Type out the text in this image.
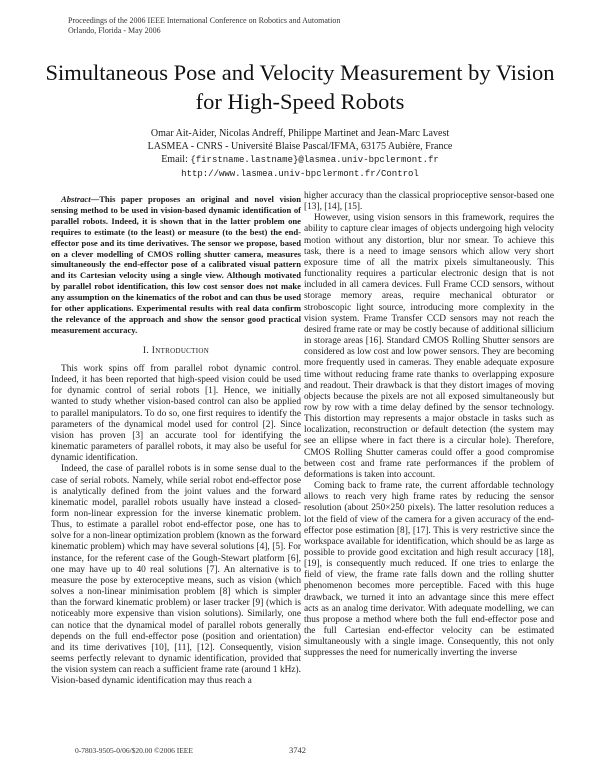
Proceedings of the 2006 IEEE International Conference on Robotics and Automation
Orlando, Florida - May 2006
Simultaneous Pose and Velocity Measurement by Vision for High-Speed Robots
Omar Ait-Aider, Nicolas Andreff, Philippe Martinet and Jean-Marc Lavest
LASMEA - CNRS - Université Blaise Pascal/IFMA, 63175 Aubière, France
Email: {firstname.lastname}@lasmea.univ-bpclermont.fr
http://www.lasmea.univ-bpclermont.fr/Control

Abstract—This paper proposes an original and novel vision sensing method to be used in vision-based dynamic identification of parallel robots. Indeed, it is shown that in the latter problem one requires to estimate (to the least) or measure (to the best) the end-effector pose and its time derivatives. The sensor we propose, based on a clever modelling of CMOS rolling shutter camera, measures simultaneously the end-effector pose of a calibrated visual pattern and its Cartesian velocity using a single view. Although motivated by parallel robot identification, this low cost sensor does not make any assumption on the kinematics of the robot and can thus be used for other applications. Experimental results with real data confirm the relevance of the approach and show the sensor good practical measurement accuracy.

I. Introduction

This work spins off from parallel robot dynamic control. Indeed, it has been reported that high-speed vision could be used for dynamic control of serial robots [1]. Hence, we initially wanted to study whether vision-based control can also be applied to parallel manipulators. To do so, one first requires to identify the parameters of the dynamical model used for control [2]. Since vision has proven [3] an accurate tool for identifying the kinematic parameters of parallel robots, it may also be useful for dynamic identification.

Indeed, the case of parallel robots is in some sense dual to the case of serial robots. Namely, while serial robot end-effector pose is analytically defined from the joint values and the forward kinematic model, parallel robots usually have instead a closed-form non-linear expression for the inverse kinematic problem. Thus, to estimate a parallel robot end-effector pose, one has to solve for a non-linear optimization problem (known as the forward kinematic problem) which may have several solutions [4], [5]. For instance, for the referent case of the Gough-Stewart platform [6], one may have up to 40 real solutions [7]. An alternative is to measure the pose by exteroceptive means, such as vision (which solves a non-linear minimisation problem [8] which is simpler than the forward kinematic problem) or laser tracker [9] (which is noticeably more expensive than vision solutions). Similarly, one can notice that the dynamical model of parallel robots generally depends on the full end-effector pose (position and orientation) and its time derivatives [10], [11], [12]. Consequently, vision seems perfectly relevant to dynamic identification, provided that the vision system can reach a sufficient frame rate (around 1 kHz). Vision-based dynamic identification may thus reach a

higher accuracy than the classical proprioceptive sensor-based one [13], [14], [15].

However, using vision sensors in this framework, requires the ability to capture clear images of objects undergoing high velocity motion without any distortion, blur nor smear. To achieve this task, there is a need to image sensors which allow very short exposure time of all the matrix pixels simultaneously. This functionality requires a particular electronic design that is not included in all camera devices. Full Frame CCD sensors, without storage memory areas, require mechanical obturator or stroboscopic light source, introducing more complexity in the vision system. Frame Transfer CCD sensors may not reach the desired frame rate or may be costly because of additional sillicium in storage areas [16]. Standard CMOS Rolling Shutter sensors are considered as low cost and low power sensors. They are becoming more frequently used in cameras. They enable adequate exposure time without reducing frame rate thanks to overlapping exposure and readout. Their drawback is that they distort images of moving objects because the pixels are not all exposed simultaneously but row by row with a time delay defined by the sensor technology. This distortion may represents a major obstacle in tasks such as localization, reconstruction or default detection (the system may see an ellipse where in fact there is a circular hole). Therefore, CMOS Rolling Shutter cameras could offer a good compromise between cost and frame rate performances if the problem of deformations is taken into account.

Coming back to frame rate, the current affordable technology allows to reach very high frame rates by reducing the sensor resolution (about 250×250 pixels). The latter resolution reduces a lot the field of view of the camera for a given accuracy of the end-effector pose estimation [8], [17]. This is very restrictive since the workspace available for identification, which should be as large as possible to provide good excitation and high result accuracy [18], [19], is consequently much reduced. If one tries to enlarge the field of view, the frame rate falls down and the rolling shutter phenomenon becomes more perceptible. Faced with this huge drawback, we turned it into an advantage since this mere effect acts as an analog time derivator. With adequate modelling, we can thus propose a method where both the full end-effector pose and the full Cartesian end-effector velocity can be estimated simultaneously with a single image. Consequently, this not only suppresses the need for numerically inverting the inverse

0-7803-9505-0/06/$20.00 ©2006 IEEE	3742
